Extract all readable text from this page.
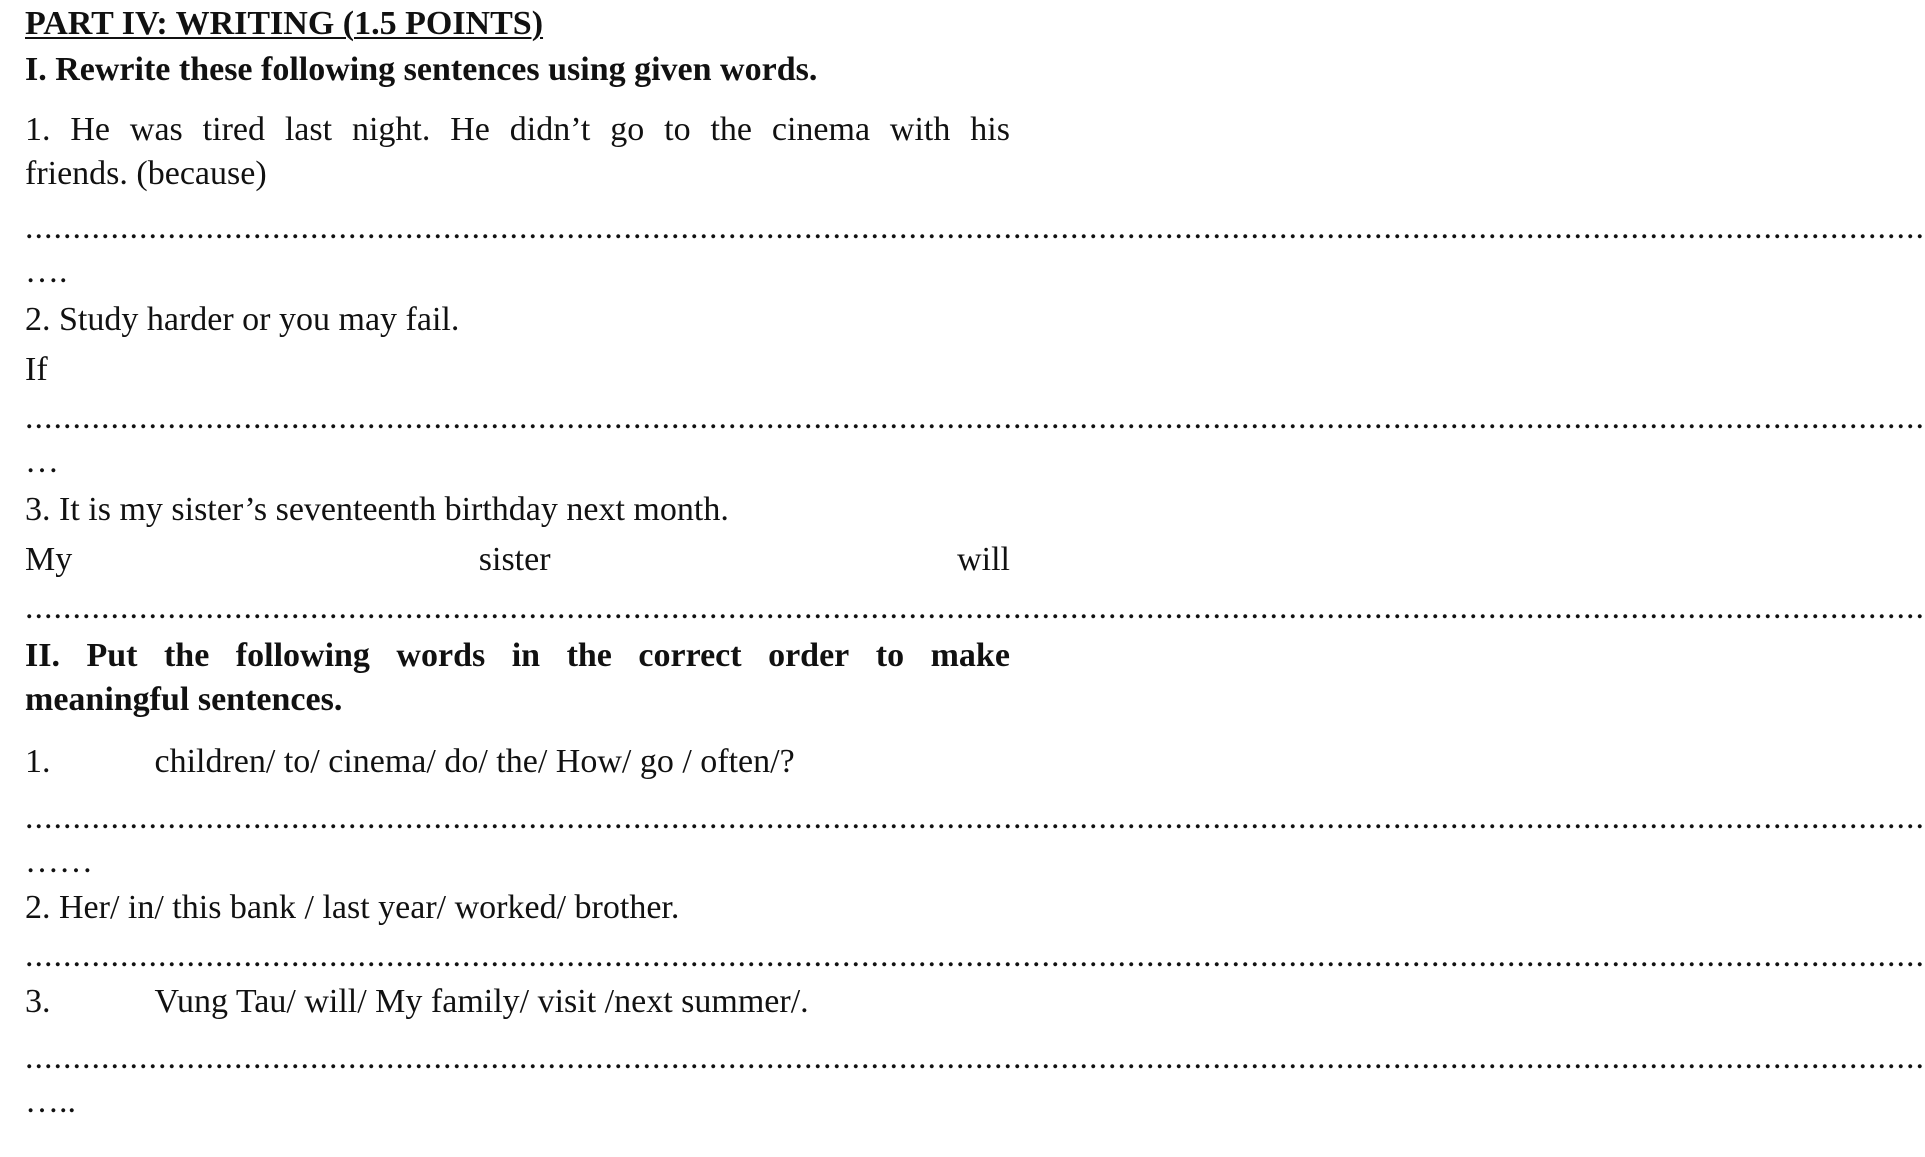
PART IV: WRITING (1.5 POINTS)
I. Rewrite these following sentences using given words.
1. He was tired last night. He didn’t go to the cinema with his
friends. (because)
........................................................................................................................................................................................................
….
2. Study harder or you may fail.
If
........................................................................................................................................................................................................
…
3. It is my sister’s seventeenth birthday next month.
My	sister	will
........................................................................................................................................................................................................
II. Put the following words in the correct order to make
meaningful sentences.
1.	children/ to/ cinema/ do/ the/ How/ go / often/?
........................................................................................................................................................................................................
……
2. Her/ in/ this bank / last year/ worked/ brother.
........................................................................................................................................................................................................
3.	Vung Tau/ will/ My family/ visit /next summer/.
........................................................................................................................................................................................................
…..
